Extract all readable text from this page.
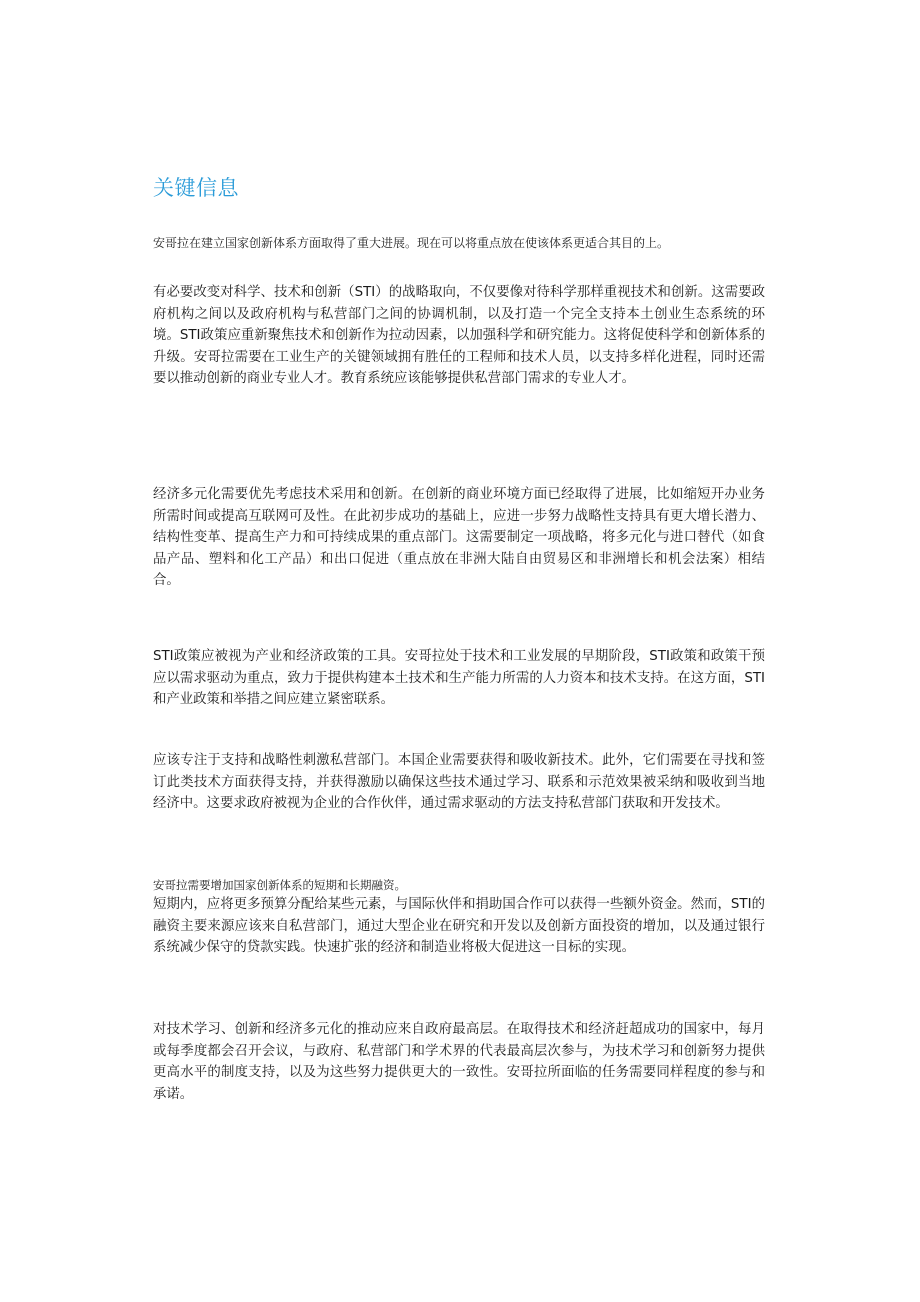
关键信息

安哥拉在建立国家创新体系方面取得了重大进展。现在可以将重点放在使该体系更适合其目的上。

有必要改变对科学、技术和创新（STI）的战略取向，不仅要像对待科学那样重视技术和创新。这需要政府机构之间以及政府机构与私营部门之间的协调机制，以及打造一个完全支持本土创业生态系统的环境。STI政策应重新聚焦技术和创新作为拉动因素，以加强科学和研究能力。这将促使科学和创新体系的升级。安哥拉需要在工业生产的关键领域拥有胜任的工程师和技术人员，以支持多样化进程，同时还需要以推动创新的商业专业人才。教育系统应该能够提供私营部门需求的专业人才。

经济多元化需要优先考虑技术采用和创新。在创新的商业环境方面已经取得了进展，比如缩短开办业务所需时间或提高互联网可及性。在此初步成功的基础上，应进一步努力战略性支持具有更大增长潜力、结构性变革、提高生产力和可持续成果的重点部门。这需要制定一项战略，将多元化与进口替代（如食品产品、塑料和化工产品）和出口促进（重点放在非洲大陆自由贸易区和非洲增长和机会法案）相结合。

STI政策应被视为产业和经济政策的工具。安哥拉处于技术和工业发展的早期阶段，STI政策和政策干预应以需求驱动为重点，致力于提供构建本土技术和生产能力所需的人力资本和技术支持。在这方面，STI和产业政策和举措之间应建立紧密联系。

应该专注于支持和战略性刺激私营部门。本国企业需要获得和吸收新技术。此外，它们需要在寻找和签订此类技术方面获得支持，并获得激励以确保这些技术通过学习、联系和示范效果被采纳和吸收到当地经济中。这要求政府被视为企业的合作伙伴，通过需求驱动的方法支持私营部门获取和开发技术。

安哥拉需要增加国家创新体系的短期和长期融资。

短期内，应将更多预算分配给某些元素，与国际伙伴和捐助国合作可以获得一些额外资金。然而，STI的融资主要来源应该来自私营部门，通过大型企业在研究和开发以及创新方面投资的增加，以及通过银行系统减少保守的贷款实践。快速扩张的经济和制造业将极大促进这一目标的实现。

对技术学习、创新和经济多元化的推动应来自政府最高层。在取得技术和经济赶超成功的国家中，每月或每季度都会召开会议，与政府、私营部门和学术界的代表最高层次参与，为技术学习和创新努力提供更高水平的制度支持，以及为这些努力提供更大的一致性。安哥拉所面临的任务需要同样程度的参与和承诺。
